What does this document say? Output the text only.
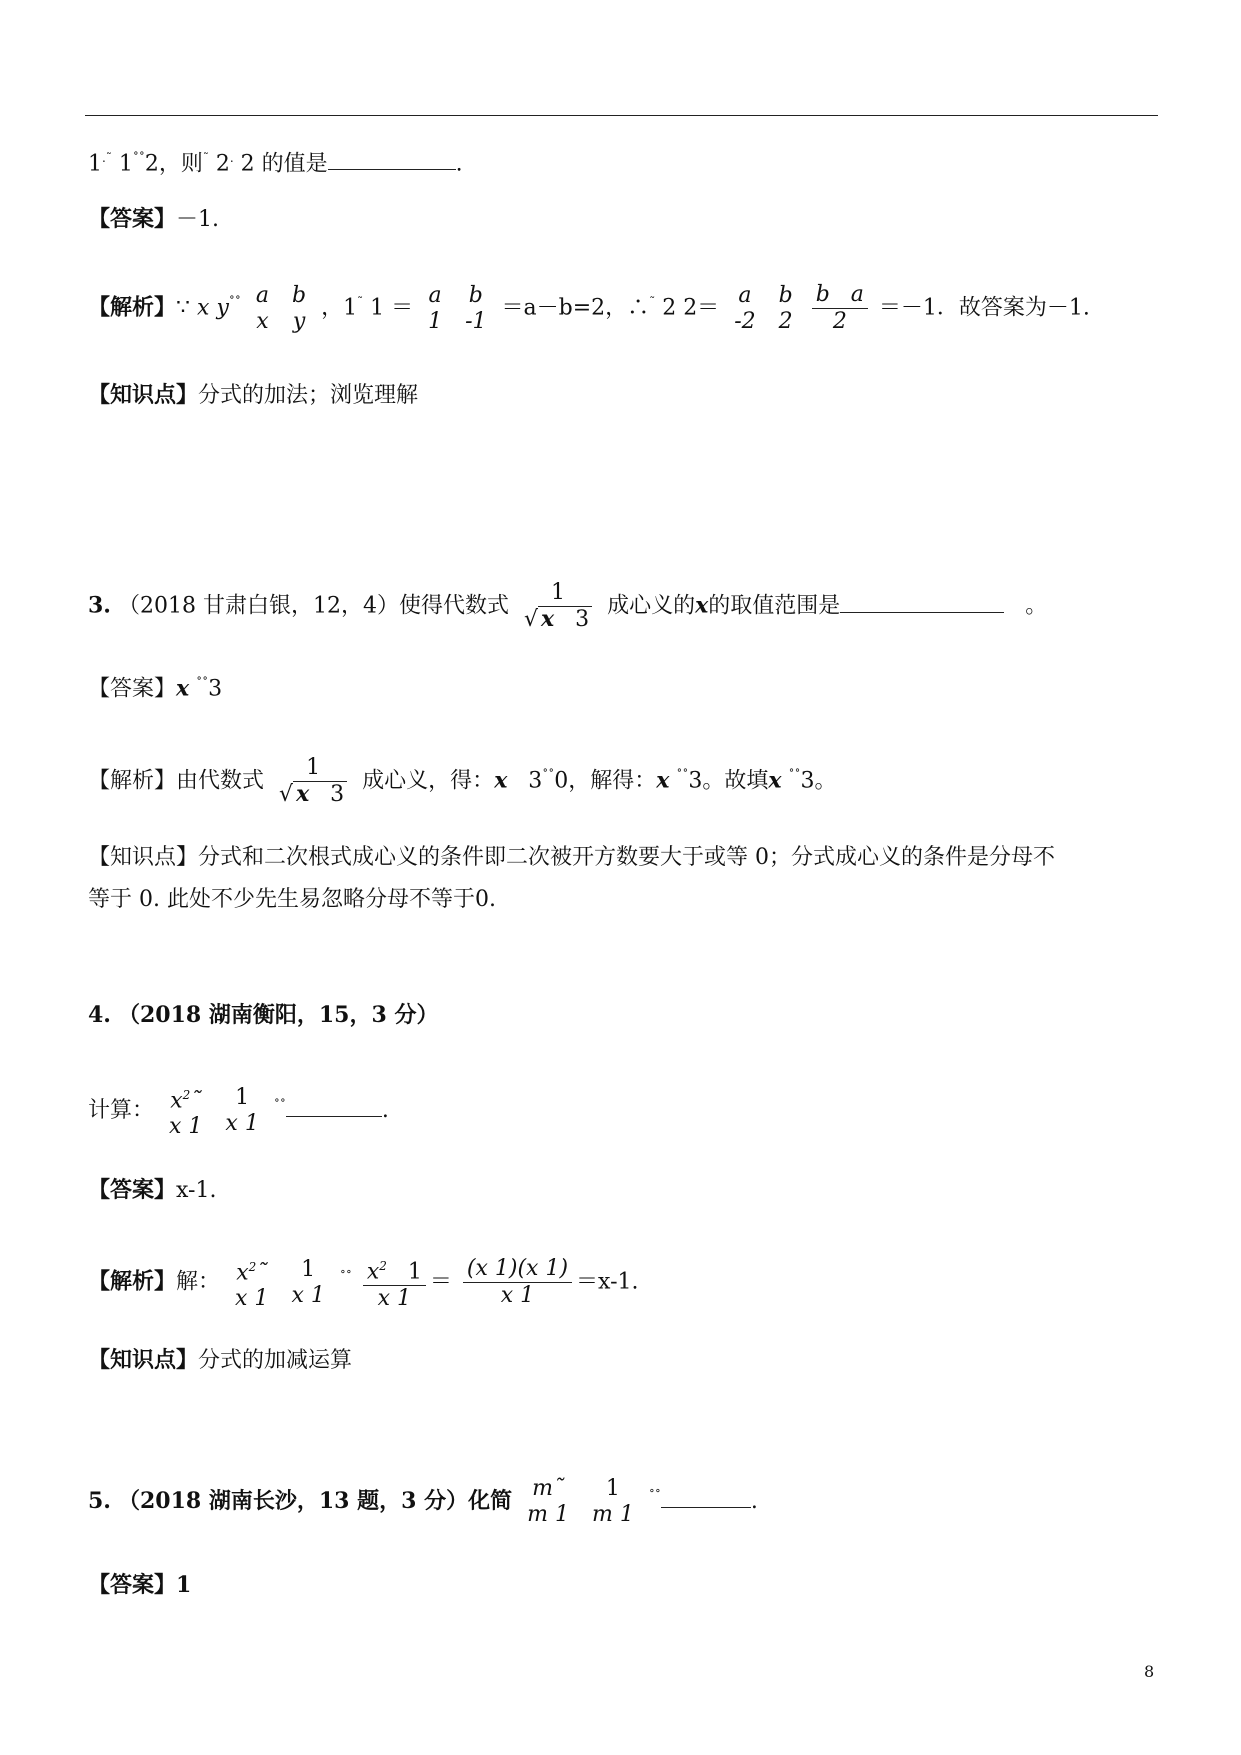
1.˜ 1˚˚2，则˜ 2. 2 的值是	.
【答案】－1.
【解析】∵ x y˚˚ a
x

b
y
，1˜ 1 ＝
a
1

b
-1
＝a－b=2，∴˜ 2 2＝
a
-2

b
2
$\frac{\text{b a}}{2} =-1$．故答案为－1.
【知识点】分式的加法；浏览理解
3. （2018 甘肃白银，12，4）使得代数式
1
√ x 3
成心义的x的取值范围是	。
【答案】x ˚˚3
【解析】由代数式
1
√ x 3
成心义，得：x 3˚˚0，解得：x ˚˚3。故填x ˚˚3。
【知识点】分式和二次根式成心义的条件即二次被开方数要大于或等 0；分式成心义的条件是分母不
等于 0. 此处不少先生易忽略分母不等于0.
4. （2018 湖南衡阳，15，3 分）
计算： $x^2˜$
x 1

1
x 1
˚˚	.
【答案】x-1.
【解析】解： $x^2˜$
x 1

1
x 1
$^{˚˚} \frac{x^2 1}{x 1} = \frac{(x 1)(x 1)}{x 1} =x-1$.
【知识点】分式的加减运算
5. （2018 湖南长沙，13 题，3 分）化简 m˜
m 1

1
m 1
˚˚	.
【答案】1
8
